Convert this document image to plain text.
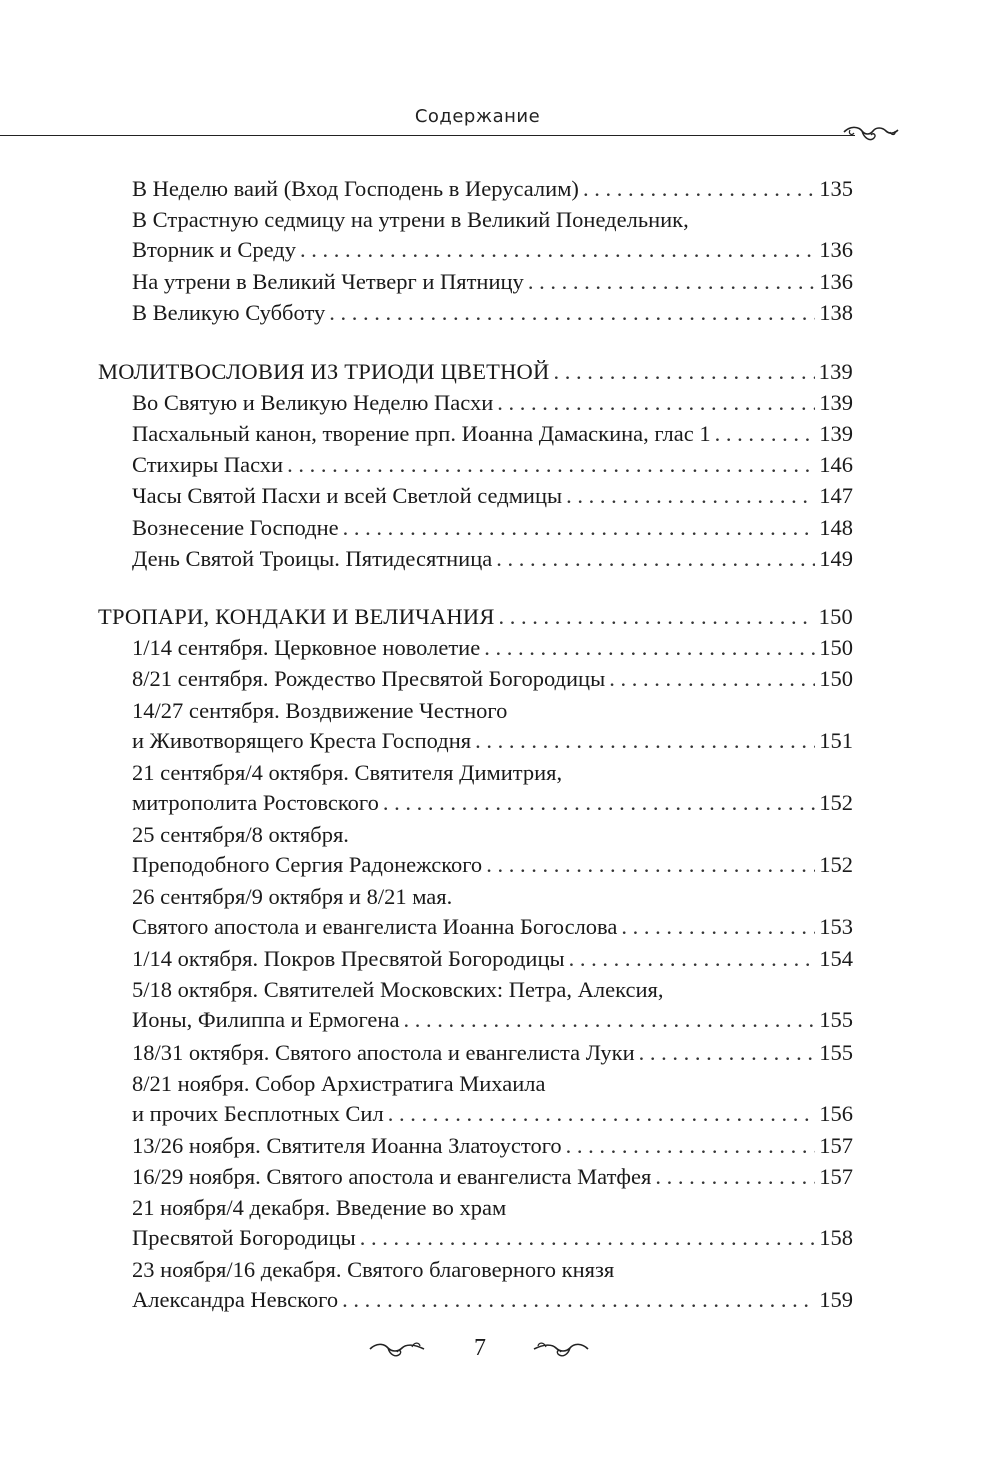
Содержание
В Неделю ваий (Вход Господень в Иерусалим) . . .	135
В Страстную седмицу на утрени в Великий Понедельник,
Вторник и Среду . . .	136
На утрени в Великий Четверг и Пятницу . . .	136
В Великую Субботу . . .	138
МОЛИТВОСЛОВИЯ ИЗ ТРИОДИ ЦВЕТНОЙ . . .	139
Во Святую и Великую Неделю Пасхи . . .	139
Пасхальный канон, творение прп. Иоанна Дамаскина, глас 1 . . .	139
Стихиры Пасхи . . .	146
Часы Святой Пасхи и всей Светлой седмицы . . .	147
Вознесение Господне . . .	148
День Святой Троицы. Пятидесятница . . .	149
ТРОПАРИ, КОНДАКИ И ВЕЛИЧАНИЯ . . .	150
1/14 сентября. Церковное новолетие . . .	150
8/21 сентября. Рождество Пресвятой Богородицы . . .	150
14/27 сентября. Воздвижение Честного
и Животворящего Креста Господня . . .	151
21 сентября/4 октября. Святителя Димитрия,
митрополита Ростовского . . .	152
25 сентября/8 октября.
Преподобного Сергия Радонежского . . .	152
26 сентября/9 октября и 8/21 мая.
Святого апостола и евангелиста Иоанна Богослова . . .	153
1/14 октября. Покров Пресвятой Богородицы . . .	154
5/18 октября. Святителей Московских: Петра, Алексия,
Ионы, Филиппа и Ермогена . . .	155
18/31 октября. Святого апостола и евангелиста Луки . . .	155
8/21 ноября. Собор Архистратига Михаила
и прочих Бесплотных Сил . . .	156
13/26 ноября. Святителя Иоанна Златоустого . . .	157
16/29 ноября. Святого апостола и евангелиста Матфея . . .	157
21 ноября/4 декабря. Введение во храм
Пресвятой Богородицы . . .	158
23 ноября/16 декабря. Святого благоверного князя
Александра Невского . . .	159
7
